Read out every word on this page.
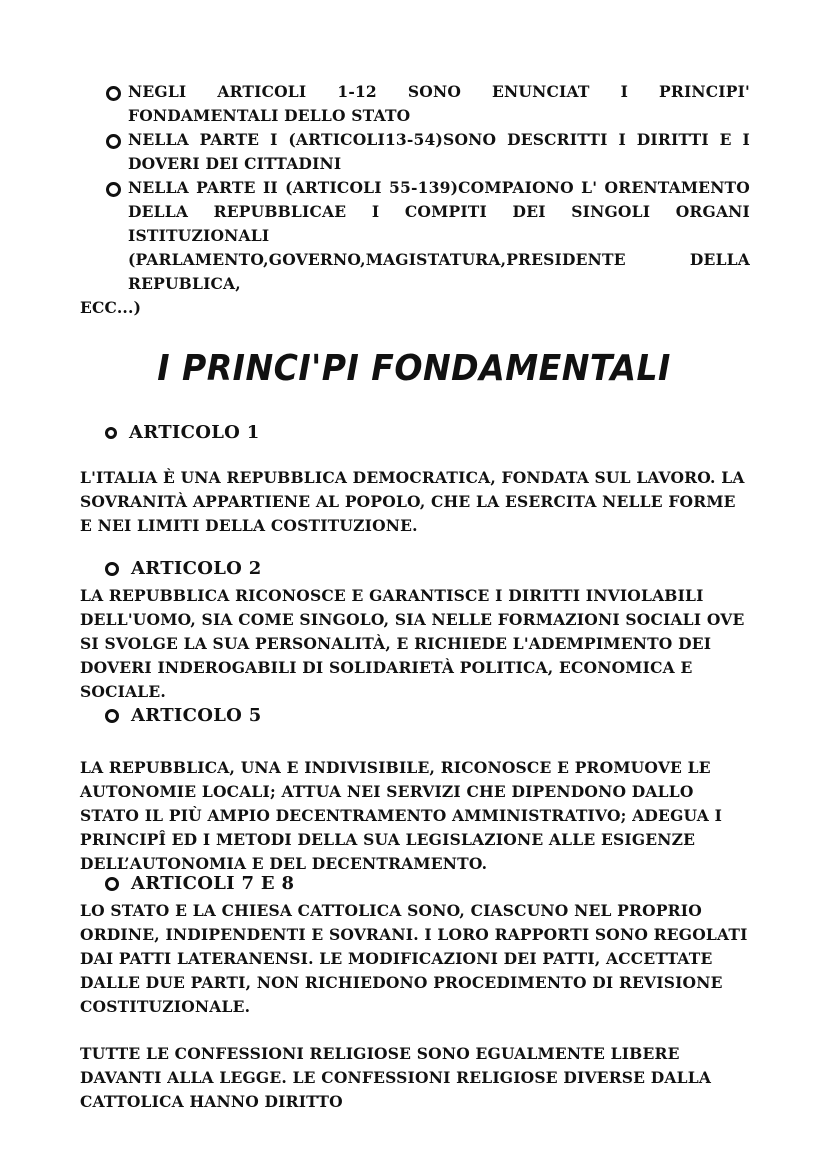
NEGLI ARTICOLI 1-12 SONO ENUNCIAT I PRINCIPI' FONDAMENTALI DELLO STATO
NELLA PARTE I (ARTICOLI13-54)SONO DESCRITTI I DIRITTI E I DOVERI DEI CITTADINI
NELLA PARTE II (ARTICOLI 55-139)COMPAIONO L' ORENTAMENTO DELLA REPUBBLICAE I COMPITI DEI SINGOLI ORGANI ISTITUZIONALI (PARLAMENTO,GOVERNO,MAGISTATURA,PRESIDENTE DELLA REPUBLICA,
ECC...)
I PRINCI'PI FONDAMENTALI
ARTICOLO 1

L'ITALIA È UNA REPUBBLICA DEMOCRATICA, FONDATA SUL LAVORO. LA SOVRANITÀ APPARTIENE AL POPOLO, CHE LA ESERCITA NELLE FORME E NEI LIMITI DELLA COSTITUZIONE.

ARTICOLO 2

LA REPUBBLICA RICONOSCE E GARANTISCE I DIRITTI INVIOLABILI DELL'UOMO, SIA COME SINGOLO, SIA NELLE FORMAZIONI SOCIALI OVE SI SVOLGE LA SUA PERSONALITÀ, E RICHIEDE L'ADEMPIMENTO DEI DOVERI INDEROGABILI DI SOLIDARIETÀ POLITICA, ECONOMICA E SOCIALE.

ARTICOLO 5

LA REPUBBLICA, UNA E INDIVISIBILE, RICONOSCE E PROMUOVE LE AUTONOMIE LOCALI; ATTUA NEI SERVIZI CHE DIPENDONO DALLO STATO IL PIÙ AMPIO DECENTRAMENTO AMMINISTRATIVO; ADEGUA I PRINCIPÎ ED I METODI DELLA SUA LEGISLAZIONE ALLE ESIGENZE DELL’AUTONOMIA E DEL DECENTRAMENTO.

ARTICOLI 7 E 8

LO STATO E LA CHIESA CATTOLICA SONO, CIASCUNO NEL PROPRIO ORDINE, INDIPENDENTI E SOVRANI. I LORO RAPPORTI SONO REGOLATI DAI PATTI LATERANENSI. LE MODIFICAZIONI DEI PATTI, ACCETTATE DALLE DUE PARTI, NON RICHIEDONO PROCEDIMENTO DI REVISIONE COSTITUZIONALE.

TUTTE LE CONFESSIONI RELIGIOSE SONO EGUALMENTE LIBERE DAVANTI ALLA LEGGE. LE CONFESSIONI RELIGIOSE DIVERSE DALLA CATTOLICA HANNO DIRITTO
